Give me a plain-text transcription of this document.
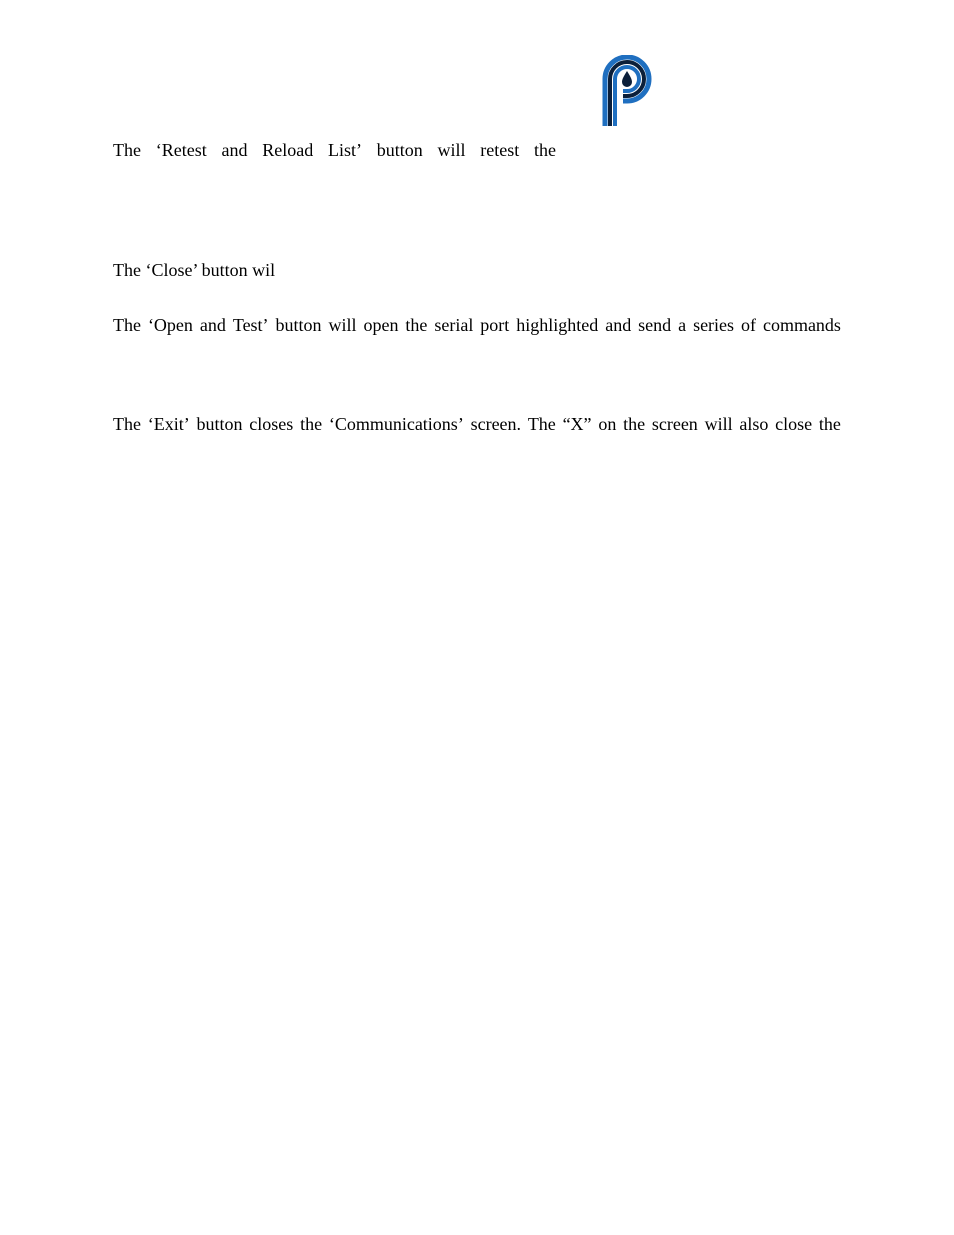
The ‘Retest and Reload List’ button will retest the
The ‘Close’ button wil
The ‘Open and Test’ button will open the serial port highlighted and send a series of commands
The ‘Exit’ button closes the ‘Communications’ screen. The “X” on the screen will also close the
